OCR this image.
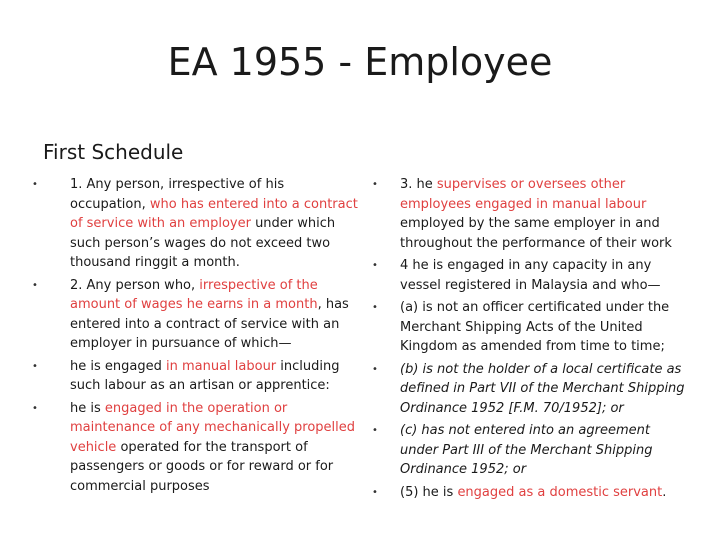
EA 1955 - Employee
First Schedule
• 1. Any person, irrespective of his occupation, who has entered into a contract of service with an employer under which such person’s wages do not exceed two thousand ringgit a month.
• 2. Any person who, irrespective of the amount of wages he earns in a month, has entered into a contract of service with an employer in pursuance of which—
• he is engaged in manual labour including such labour as an artisan or apprentice:
• he is engaged in the operation or maintenance of any mechanically propelled vehicle operated for the transport of passengers or goods or for reward or for commercial purposes
• 3. he supervises or oversees other employees engaged in manual labour employed by the same employer in and throughout the performance of their work
• 4 he is engaged in any capacity in any vessel registered in Malaysia and who—
• (a) is not an officer certificated under the Merchant Shipping Acts of the United Kingdom as amended from time to time;
• (b) is not the holder of a local certificate as defined in Part VII of the Merchant Shipping Ordinance 1952 [F.M. 70/1952]; or
• (c) has not entered into an agreement under Part III of the Merchant Shipping Ordinance 1952; or
• (5) he is engaged as a domestic servant.
